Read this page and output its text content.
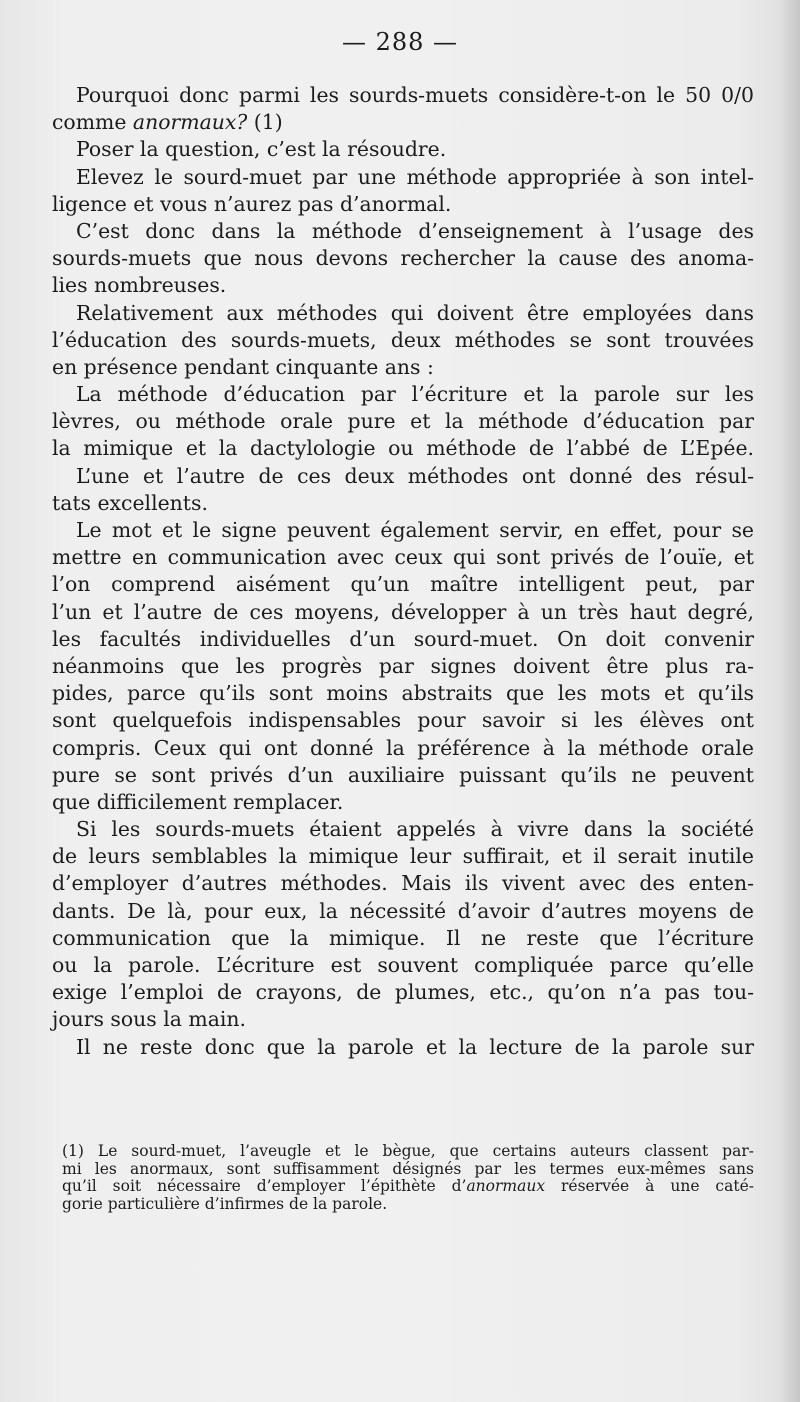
— 288 —
Pourquoi donc parmi les sourds-muets considère-t-on le 50 0/0
comme anormaux? (1)
Poser la question, c’est la résoudre.
Elevez le sourd-muet par une méthode appropriée à son intel-
ligence et vous n’aurez pas d’anormal.
C’est donc dans la méthode d’enseignement à l’usage des
sourds-muets que nous devons rechercher la cause des anoma-
lies nombreuses.
Relativement aux méthodes qui doivent être employées dans
l’éducation des sourds-muets, deux méthodes se sont trouvées
en présence pendant cinquante ans :
La méthode d’éducation par l’écriture et la parole sur les
lèvres, ou méthode orale pure et la méthode d’éducation par
la mimique et la dactylologie ou méthode de l’abbé de L’Epée.
L’une et l’autre de ces deux méthodes ont donné des résul-
tats excellents.
Le mot et le signe peuvent également servir, en effet, pour se
mettre en communication avec ceux qui sont privés de l’ouïe, et
l’on comprend aisément qu’un maître intelligent peut, par
l’un et l’autre de ces moyens, développer à un très haut degré,
les facultés individuelles d’un sourd-muet. On doit convenir
néanmoins que les progrès par signes doivent être plus ra-
pides, parce qu’ils sont moins abstraits que les mots et qu’ils
sont quelquefois indispensables pour savoir si les élèves ont
compris. Ceux qui ont donné la préférence à la méthode orale
pure se sont privés d’un auxiliaire puissant qu’ils ne peuvent
que difficilement remplacer.
Si les sourds-muets étaient appelés à vivre dans la société
de leurs semblables la mimique leur suffirait, et il serait inutile
d’employer d’autres méthodes. Mais ils vivent avec des enten-
dants. De là, pour eux, la nécessité d’avoir d’autres moyens de
communication que la mimique. Il ne reste que l’écriture
ou la parole. L’écriture est souvent compliquée parce qu’elle
exige l’emploi de crayons, de plumes, etc., qu’on n’a pas tou-
jours sous la main.
Il ne reste donc que la parole et la lecture de la parole sur
(1) Le sourd-muet, l’aveugle et le bègue, que certains auteurs classent par-
mi les anormaux, sont suffisamment désignés par les termes eux-mêmes sans
qu’il soit nécessaire d’employer l’épithète d’anormaux réservée à une caté-
gorie particulière d’infirmes de la parole.
